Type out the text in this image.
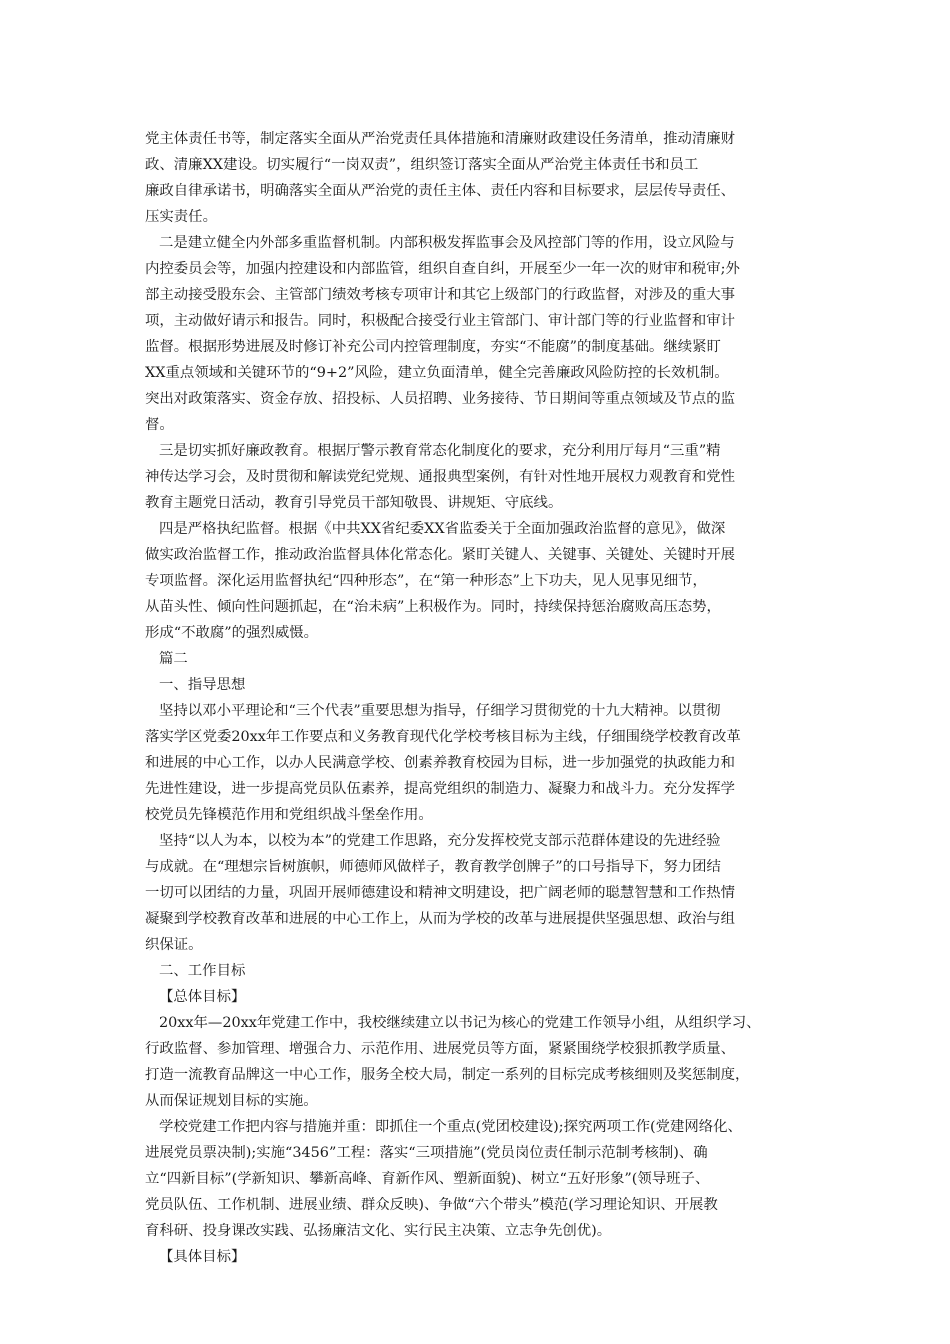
党主体责任书等，制定落实全面从严治党责任具体措施和清廉财政建设任务清单，推动清廉财
政、清廉XX建设。切实履行“一岗双责”，组织签订落实全面从严治党主体责任书和员工
廉政自律承诺书，明确落实全面从严治党的责任主体、责任内容和目标要求，层层传导责任、
压实责任。
二是建立健全内外部多重监督机制。内部积极发挥监事会及风控部门等的作用，设立风险与
内控委员会等，加强内控建设和内部监管，组织自查自纠，开展至少一年一次的财审和税审;外
部主动接受股东会、主管部门绩效考核专项审计和其它上级部门的行政监督，对涉及的重大事
项，主动做好请示和报告。同时，积极配合接受行业主管部门、审计部门等的行业监督和审计
监督。根据形势进展及时修订补充公司内控管理制度，夯实“不能腐”的制度基础。继续紧盯
XX重点领域和关键环节的“9+2”风险，建立负面清单，健全完善廉政风险防控的长效机制。
突出对政策落实、资金存放、招投标、人员招聘、业务接待、节日期间等重点领域及节点的监
督。
三是切实抓好廉政教育。根据厅警示教育常态化制度化的要求，充分利用厅每月“三重”精
神传达学习会，及时贯彻和解读党纪党规、通报典型案例，有针对性地开展权力观教育和党性
教育主题党日活动，教育引导党员干部知敬畏、讲规矩、守底线。
四是严格执纪监督。根据《中共XX省纪委XX省监委关于全面加强政治监督的意见》，做深
做实政治监督工作，推动政治监督具体化常态化。紧盯关键人、关键事、关键处、关键时开展
专项监督。深化运用监督执纪“四种形态”，在“第一种形态”上下功夫，见人见事见细节，
从苗头性、倾向性问题抓起，在“治未病”上积极作为。同时，持续保持惩治腐败高压态势，
形成“不敢腐”的强烈威慑。
篇二
一、指导思想
坚持以邓小平理论和“三个代表”重要思想为指导，仔细学习贯彻党的十九大精神。以贯彻
落实学区党委20xx年工作要点和义务教育现代化学校考核目标为主线，仔细围绕学校教育改革
和进展的中心工作，以办人民满意学校、创素养教育校园为目标，进一步加强党的执政能力和
先进性建设，进一步提高党员队伍素养，提高党组织的制造力、凝聚力和战斗力。充分发挥学
校党员先锋模范作用和党组织战斗堡垒作用。
坚持“以人为本，以校为本”的党建工作思路，充分发挥校党支部示范群体建设的先进经验
与成就。在“理想宗旨树旗帜，师德师风做样子，教育教学创牌子”的口号指导下，努力团结
一切可以团结的力量，巩固开展师德建设和精神文明建设，把广阔老师的聪慧智慧和工作热情
凝聚到学校教育改革和进展的中心工作上，从而为学校的改革与进展提供坚强思想、政治与组
织保证。
二、工作目标
【总体目标】
20xx年—20xx年党建工作中，我校继续建立以书记为核心的党建工作领导小组，从组织学习、
行政监督、参加管理、增强合力、示范作用、进展党员等方面，紧紧围绕学校狠抓教学质量、
打造一流教育品牌这一中心工作，服务全校大局，制定一系列的目标完成考核细则及奖惩制度，
从而保证规划目标的实施。
学校党建工作把内容与措施并重：即抓住一个重点(党团校建设);探究两项工作(党建网络化、
进展党员票决制);实施“3456”工程：落实“三项措施”(党员岗位责任制示范制考核制)、确
立“四新目标”(学新知识、攀新高峰、育新作风、塑新面貌)、树立“五好形象”(领导班子、
党员队伍、工作机制、进展业绩、群众反映)、争做“六个带头”模范(学习理论知识、开展教
育科研、投身课改实践、弘扬廉洁文化、实行民主决策、立志争先创优)。
【具体目标】
